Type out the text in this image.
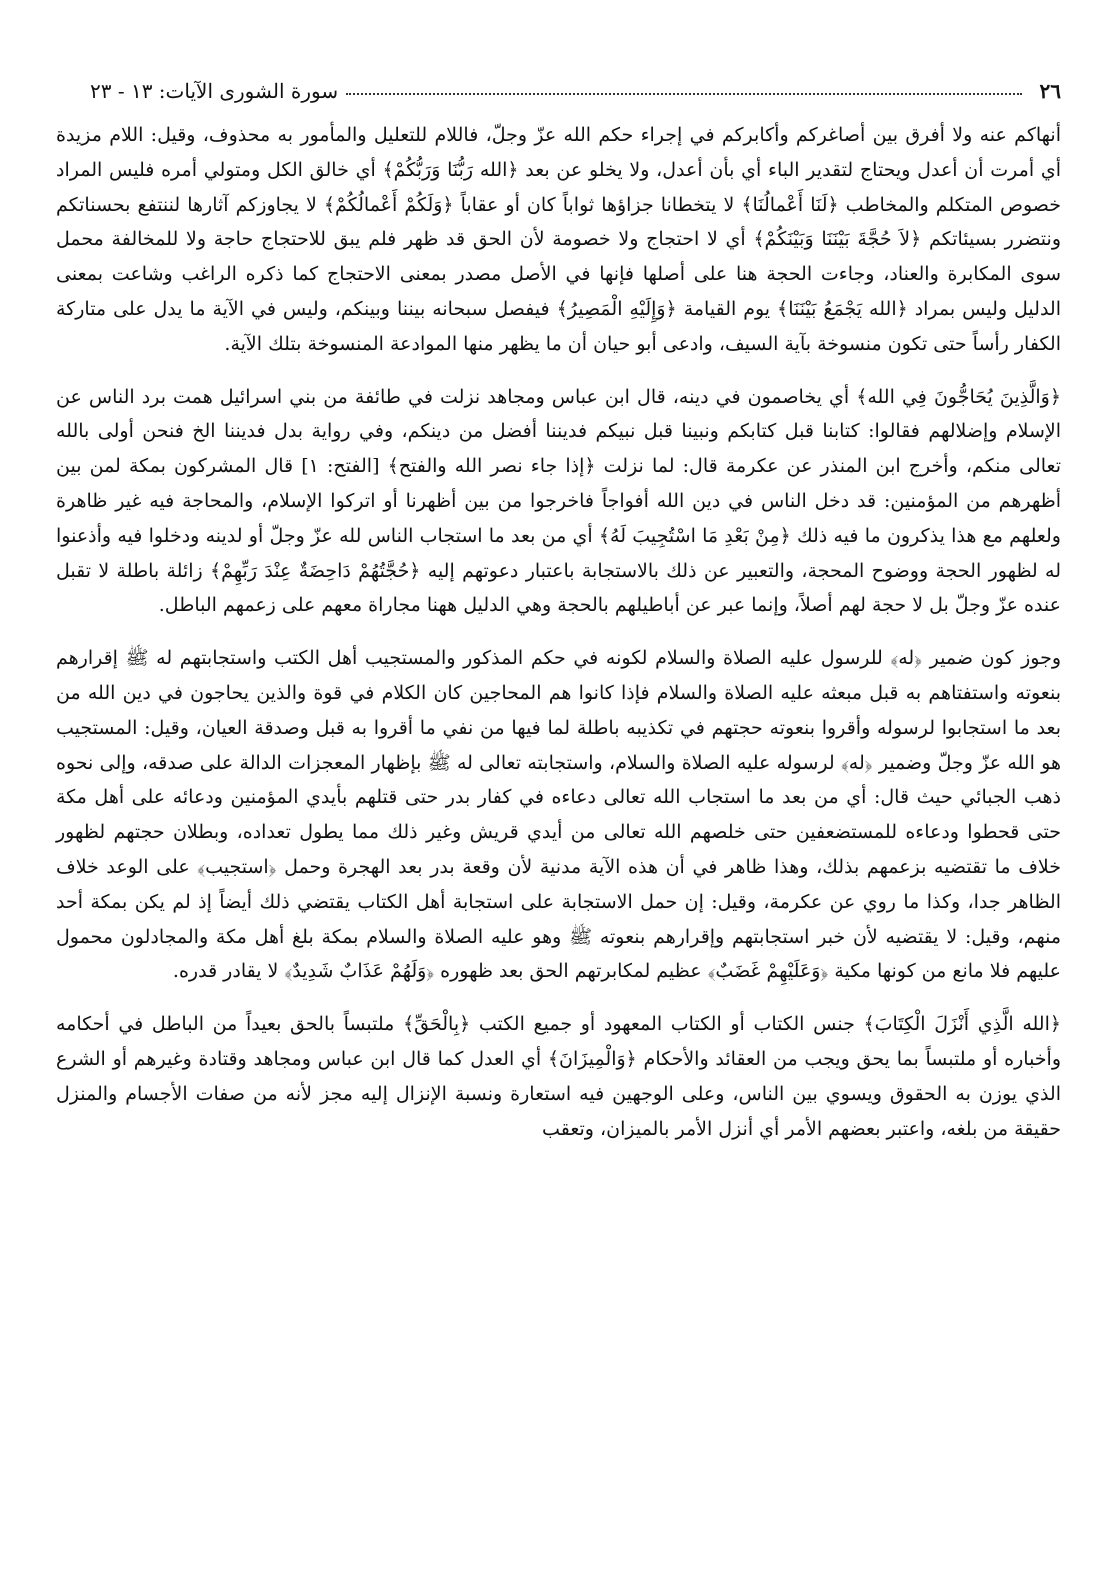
٢٦
سورة الشورى الآيات: ١٣ - ٢٣

أنهاكم عنه ولا أفرق بين أصاغركم وأكابركم في إجراء حكم الله عزّ وجلّ، فاللام للتعليل والمأمور به محذوف، وقيل: اللام مزيدة أي أمرت أن أعدل ويحتاج لتقدير الباء أي بأن أعدل، ولا يخلو عن بعد ﴿الله رَبُّنَا وَرَبُّكُمْ﴾ أي خالق الكل ومتولي أمره فليس المراد خصوص المتكلم والمخاطب ﴿لَنَا أَعْمالُنَا﴾ لا يتخطانا جزاؤها ثواباً كان أو عقاباً ﴿وَلَكُمْ أَعْمالُكُمْ﴾ لا يجاوزكم آثارها لننتفع بحسناتكم ونتضرر بسيئاتكم ﴿لاَ حُجَّةَ بَيْنَنَا وَبَيْنَكُمْ﴾ أي لا احتجاج ولا خصومة لأن الحق قد ظهر فلم يبق للاحتجاج حاجة ولا للمخالفة محمل سوى المكابرة والعناد، وجاءت الحجة هنا على أصلها فإنها في الأصل مصدر بمعنى الاحتجاج كما ذكره الراغب وشاعت بمعنى الدليل وليس بمراد ﴿الله يَجْمَعُ بَيْنَنَا﴾ يوم القيامة ﴿وَإِلَيْهِ الْمَصِيرُ﴾ فيفصل سبحانه بيننا وبينكم، وليس في الآية ما يدل على متاركة الكفار رأساً حتى تكون منسوخة بآية السيف، وادعى أبو حيان أن ما يظهر منها الموادعة المنسوخة بتلك الآية.

﴿وَالَّذِينَ يُحَاجُّونَ فِي الله﴾ أي يخاصمون في دينه، قال ابن عباس ومجاهد نزلت في طائفة من بني اسرائيل همت برد الناس عن الإسلام وإضلالهم فقالوا: كتابنا قبل كتابكم ونبينا قبل نبيكم فديننا أفضل من دينكم، وفي رواية بدل فديننا الخ فنحن أولى بالله تعالى منكم، وأخرج ابن المنذر عن عكرمة قال: لما نزلت ﴿إذا جاء نصر الله والفتح﴾ [الفتح: ١] قال المشركون بمكة لمن بين أظهرهم من المؤمنين: قد دخل الناس في دين الله أفواجاً فاخرجوا من بين أظهرنا أو اتركوا الإسلام، والمحاجة فيه غير ظاهرة ولعلهم مع هذا يذكرون ما فيه ذلك ﴿مِنْ بَعْدِ مَا اسْتُجِيبَ لَهُ﴾ أي من بعد ما استجاب الناس لله عزّ وجلّ أو لدينه ودخلوا فيه وأذعنوا له لظهور الحجة ووضوح المحجة، والتعبير عن ذلك بالاستجابة باعتبار دعوتهم إليه ﴿حُجَّتُهُمْ دَاحِضَةٌ عِنْدَ رَبِّهِمْ﴾ زائلة باطلة لا تقبل عنده عزّ وجلّ بل لا حجة لهم أصلاً، وإنما عبر عن أباطيلهم بالحجة وهي الدليل ههنا مجاراة معهم على زعمهم الباطل.

وجوز كون ضمير ﴿له﴾ للرسول عليه الصلاة والسلام لكونه في حكم المذكور والمستجيب أهل الكتب واستجابتهم له ﷺ إقرارهم بنعوته واستفتاهم به قبل مبعثه عليه الصلاة والسلام فإذا كانوا هم المحاجين كان الكلام في قوة والذين يحاجون في دين الله من بعد ما استجابوا لرسوله وأقروا بنعوته حجتهم في تكذيبه باطلة لما فيها من نفي ما أقروا به قبل وصدقة العيان، وقيل: المستجيب هو الله عزّ وجلّ وضمير ﴿له﴾ لرسوله عليه الصلاة والسلام، واستجابته تعالى له ﷺ بإظهار المعجزات الدالة على صدقه، وإلى نحوه ذهب الجبائي حيث قال: أي من بعد ما استجاب الله تعالى دعاءه في كفار بدر حتى قتلهم بأيدي المؤمنين ودعائه على أهل مكة حتى قحطوا ودعاءه للمستضعفين حتى خلصهم الله تعالى من أيدي قريش وغير ذلك مما يطول تعداده، وبطلان حجتهم لظهور خلاف ما تقتضيه بزعمهم بذلك، وهذا ظاهر في أن هذه الآية مدنية لأن وقعة بدر بعد الهجرة وحمل ﴿استجيب﴾ على الوعد خلاف الظاهر جدا، وكذا ما روي عن عكرمة، وقيل: إن حمل الاستجابة على استجابة أهل الكتاب يقتضي ذلك أيضاً إذ لم يكن بمكة أحد منهم، وقيل: لا يقتضيه لأن خبر استجابتهم وإقرارهم بنعوته ﷺ وهو عليه الصلاة والسلام بمكة بلغ أهل مكة والمجادلون محمول عليهم فلا مانع من كونها مكية ﴿وَعَلَيْهِمْ غَضَبٌ﴾ عظيم لمكابرتهم الحق بعد ظهوره ﴿وَلَهُمْ عَذَابٌ شَدِيدٌ﴾ لا يقادر قدره.

﴿الله الَّذِي أَنْزَلَ الْكِتَابَ﴾ جنس الكتاب أو الكتاب المعهود أو جميع الكتب ﴿بِالْحَقِّ﴾ ملتبساً بالحق بعيداً من الباطل في أحكامه وأخباره أو ملتبساً بما يحق ويجب من العقائد والأحكام ﴿وَالْمِيزَانَ﴾ أي العدل كما قال ابن عباس ومجاهد وقتادة وغيرهم أو الشرع الذي يوزن به الحقوق ويسوي بين الناس، وعلى الوجهين فيه استعارة ونسبة الإنزال إليه مجز لأنه من صفات الأجسام والمنزل حقيقة من بلغه، واعتبر بعضهم الأمر أي أنزل الأمر بالميزان، وتعقب
